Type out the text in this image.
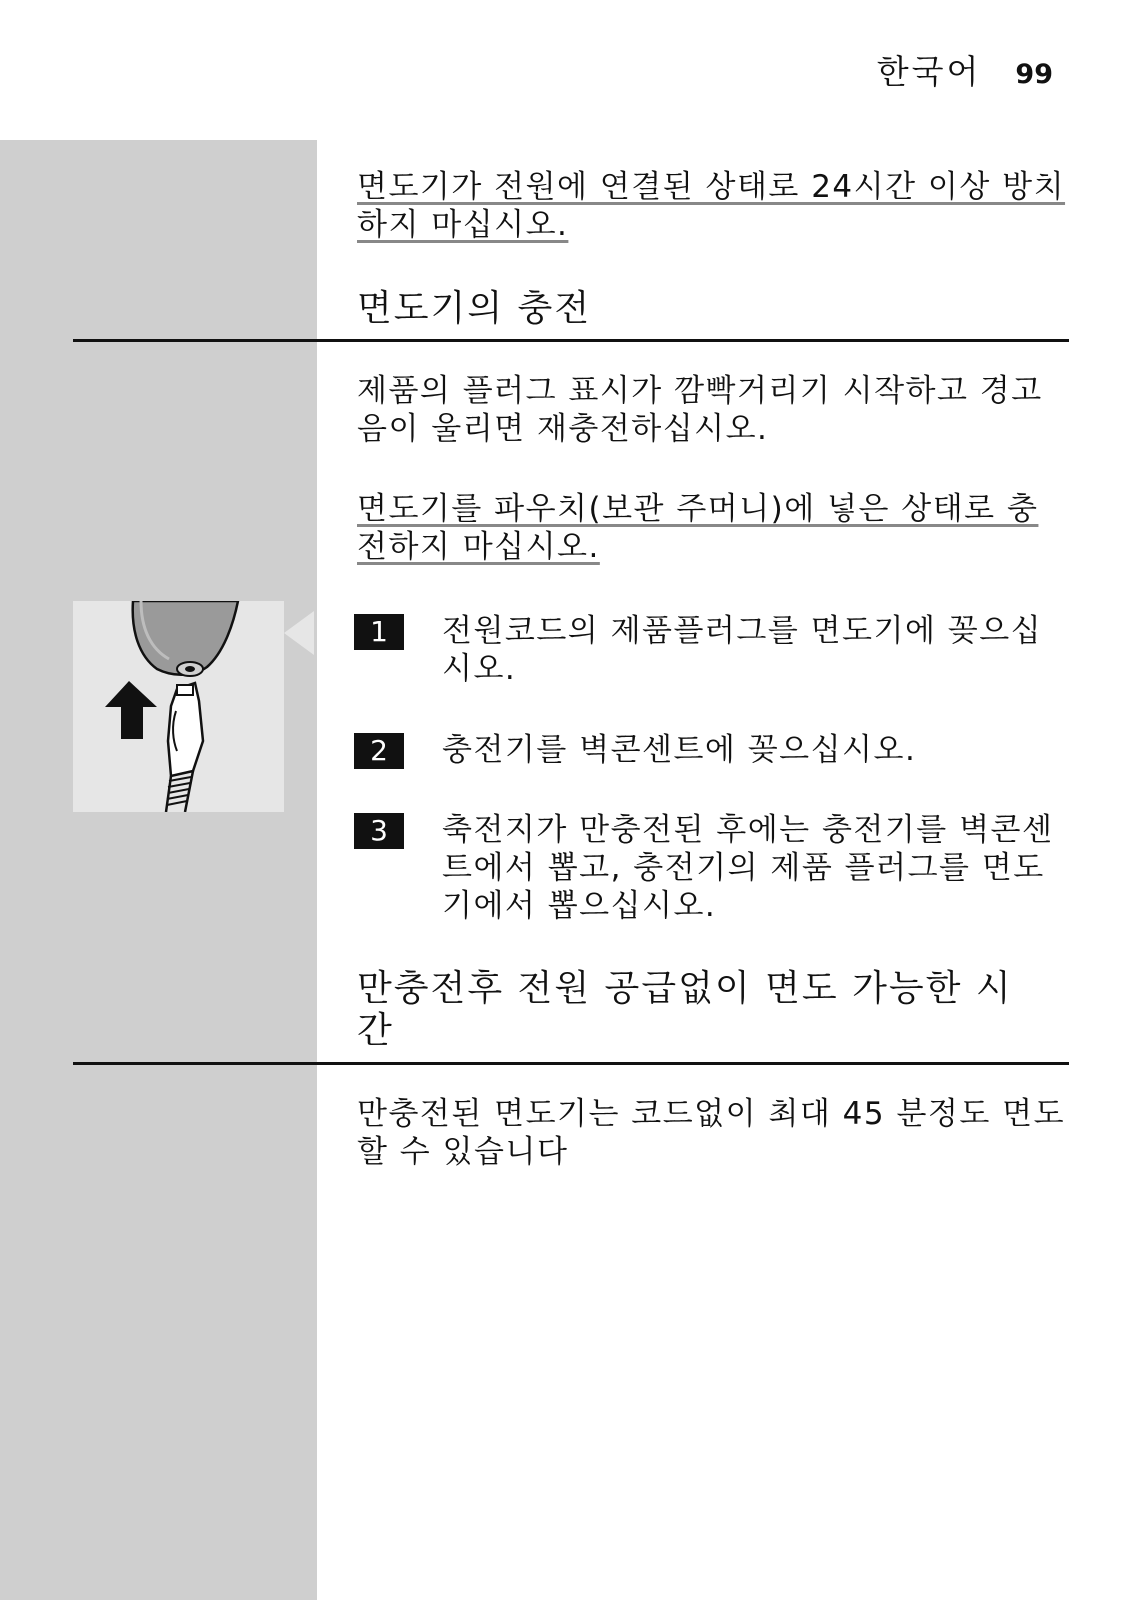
한국어 99
면도기가 전원에 연결된 상태로 24시간 이상 방치하지 마십시오.
면도기의 충전
제품의 플러그 표시가 깜빡거리기 시작하고 경고음이 울리면 재충전하십시오.
면도기를 파우치(보관 주머니)에 넣은 상태로 충전하지 마십시오.
1	전원코드의 제품플러그를 면도기에 꽂으십시오.
2	충전기를 벽콘센트에 꽂으십시오.
3	축전지가 만충전된 후에는 충전기를 벽콘센트에서 뽑고, 충전기의 제품 플러그를 면도기에서 뽑으십시오.
만충전후 전원 공급없이 면도 가능한 시간
만충전된 면도기는 코드없이 최대 45 분정도 면도할 수 있습니다
